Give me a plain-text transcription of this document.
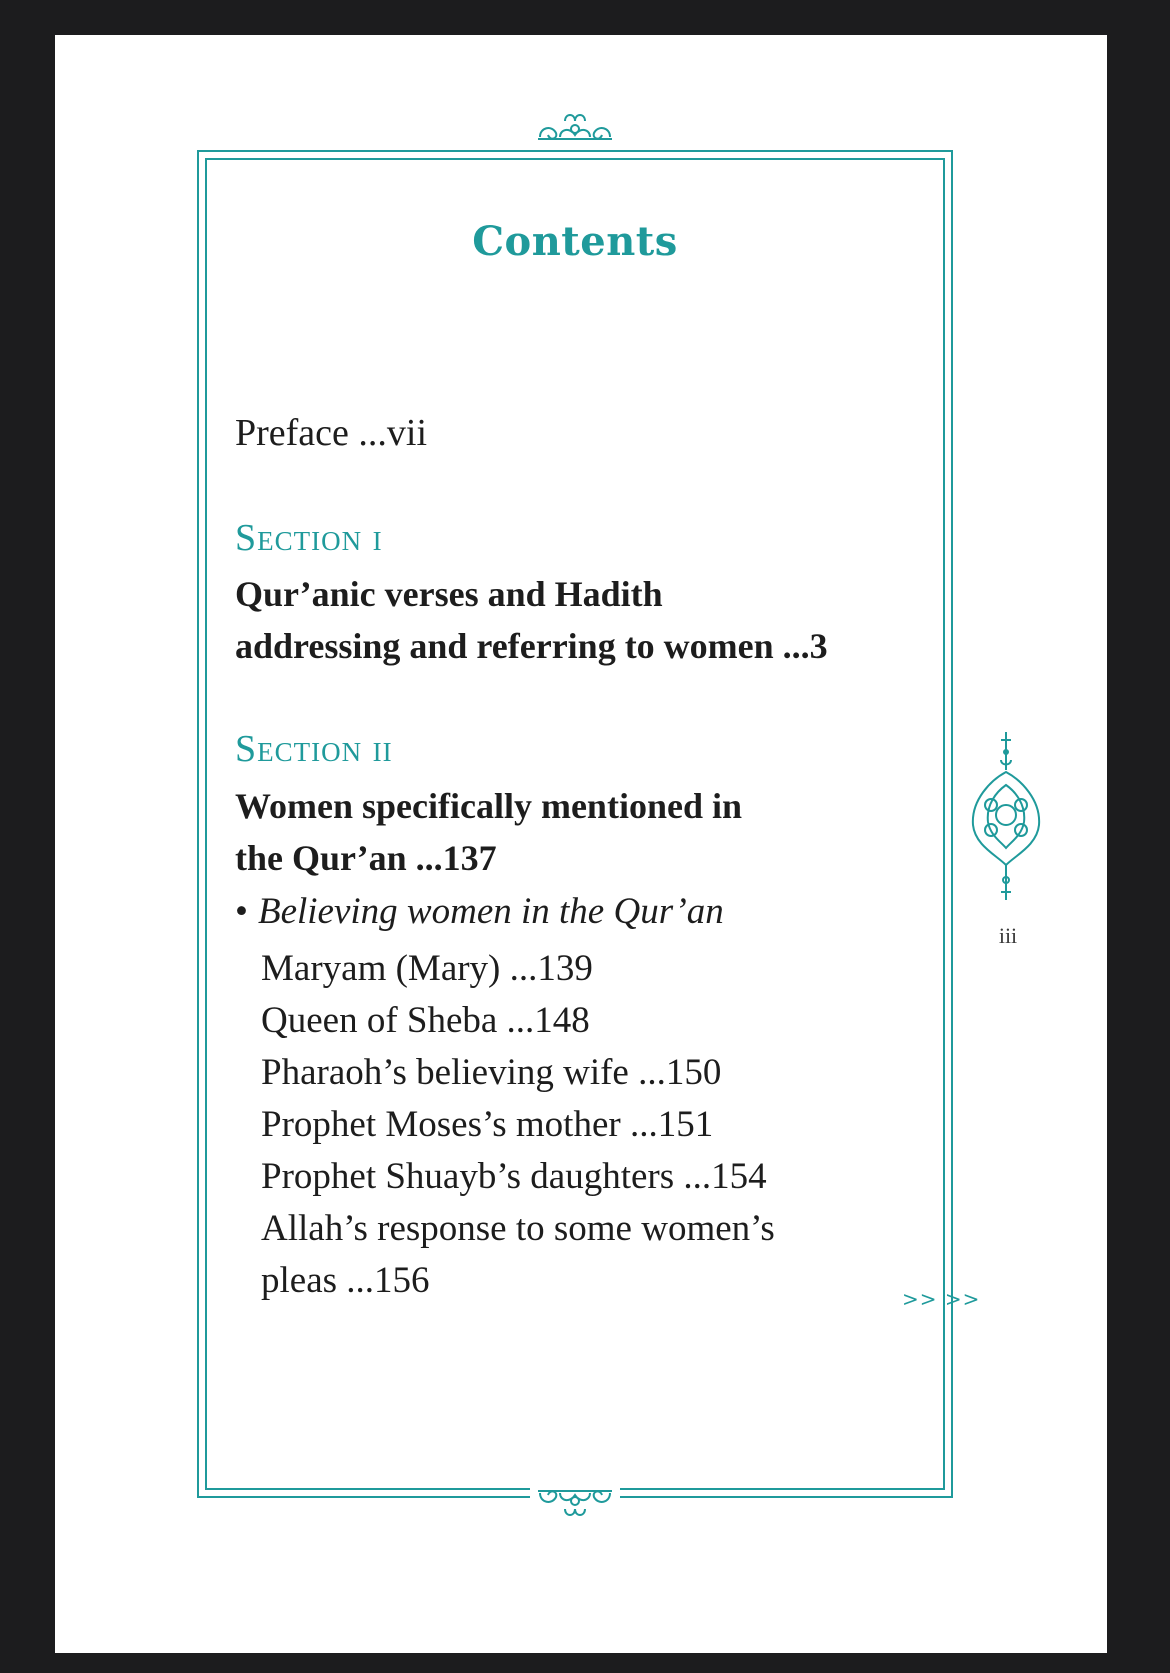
Contents
Preface ...vii
Section i
Qur’anic verses and Hadith
addressing and referring to women ...3
Section ii
Women specifically mentioned in
the Qur’an ...137
• Believing women in the Qur’an
Maryam (Mary) ...139
Queen of Sheba ...148
Pharaoh’s believing wife ...150
Prophet Moses’s mother ...151
Prophet Shuayb’s daughters ...154
Allah’s response to some women’s
pleas ...156	>> >>
iii
